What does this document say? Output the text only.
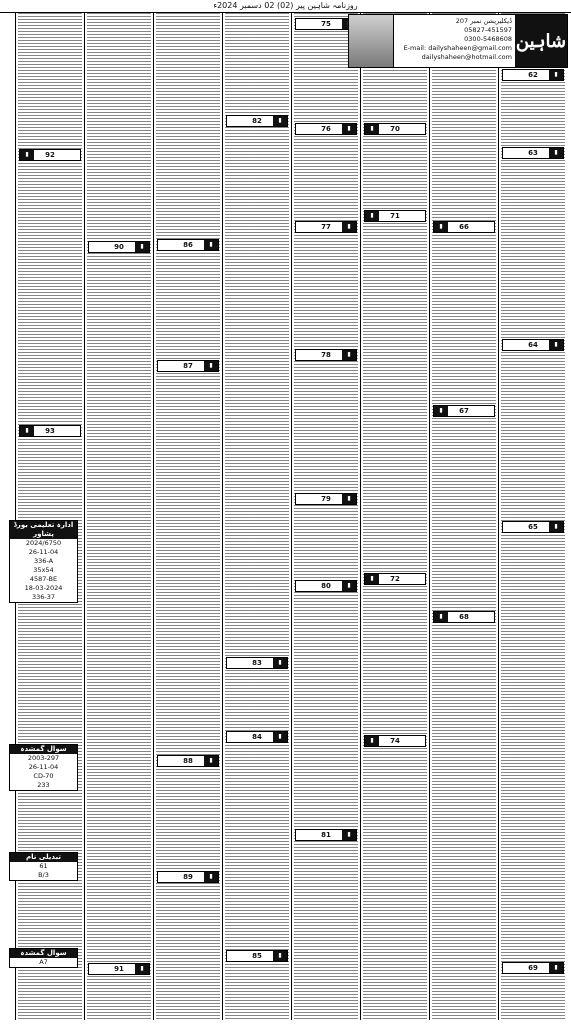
روزنامہ شاہین پیر (02) 02 دسمبر 2024ء
▮
62
▮
63
▮
64
▮
65
▮
69
▮	66
▮	67
▮	68
▮	70
▮	71
▮	72
▮	74
75
▮
76
▮
77
▮
78
▮
79
▮
80
▮
81
▮
82
▮
83
▮
84
▮
85
▮
86
▮
87
▮
88
▮
89
▮
90
▮
91
▮	92
▮	93
ڈیکلیریشن نمبر 207
05827-451597
0300-5468608
E-mail: dailyshaheen@gmail.com
dailyshaheen@hotmail.com
شاہین
ادارہ تعلیمی بورڈ پشاور
2024/6750
26-11-04
336-A
35x54
4587-BE
18-03-2024
336-37
سوال گمشدہ
2003-297
26-11-04
CD-70
233
تبدیلی نام
61
B/3
سوال گمشدہ
A7
